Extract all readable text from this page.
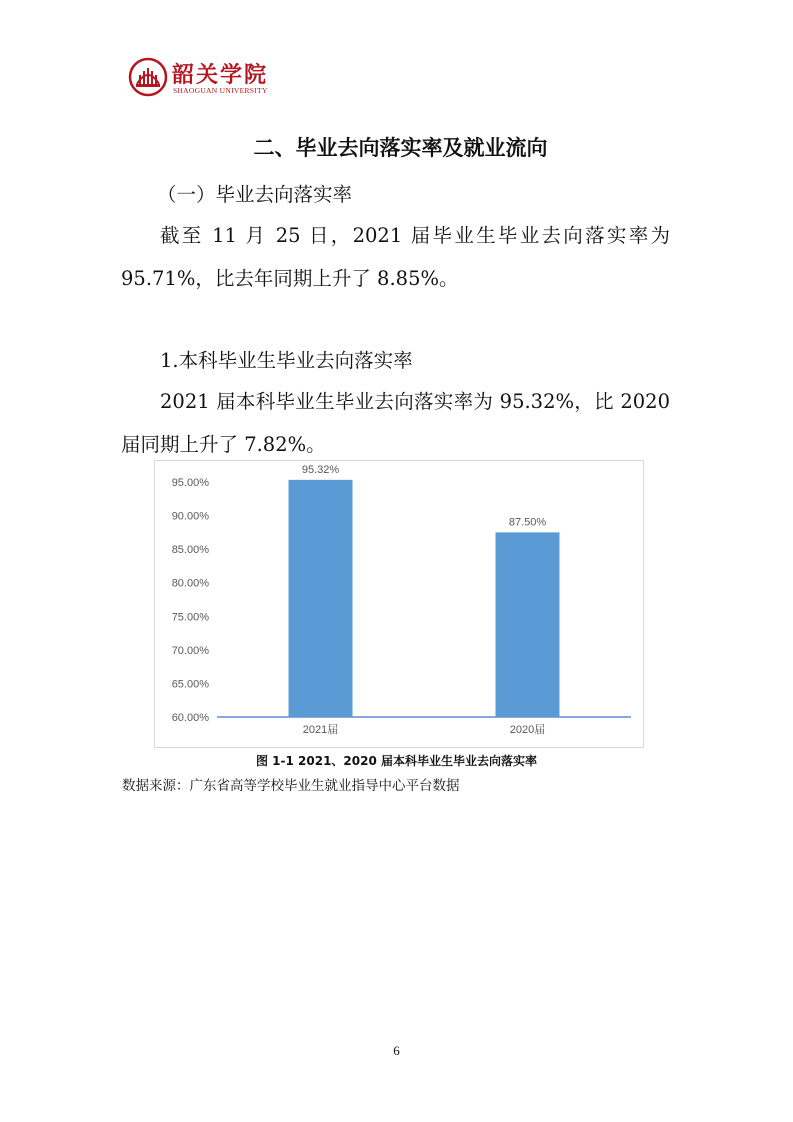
韶关学院
SHAOGUAN UNIVERSITY
二、毕业去向落实率及就业流向
（一）毕业去向落实率
截至 11 月 25 日，2021 届毕业生毕业去向落实率为
95.71%，比去年同期上升了 8.85%。
1.本科毕业生毕业去向落实率
2021 届本科毕业生毕业去向落实率为 95.32%，比 2020
届同期上升了 7.82%。
60.00%
65.00%
70.00%
75.00%
80.00%
85.00%
90.00%
95.00%
95.32%
2021届
87.50%
2020届
图 1-1 2021、2020 届本科毕业生毕业去向落实率
数据来源：广东省高等学校毕业生就业指导中心平台数据
6
